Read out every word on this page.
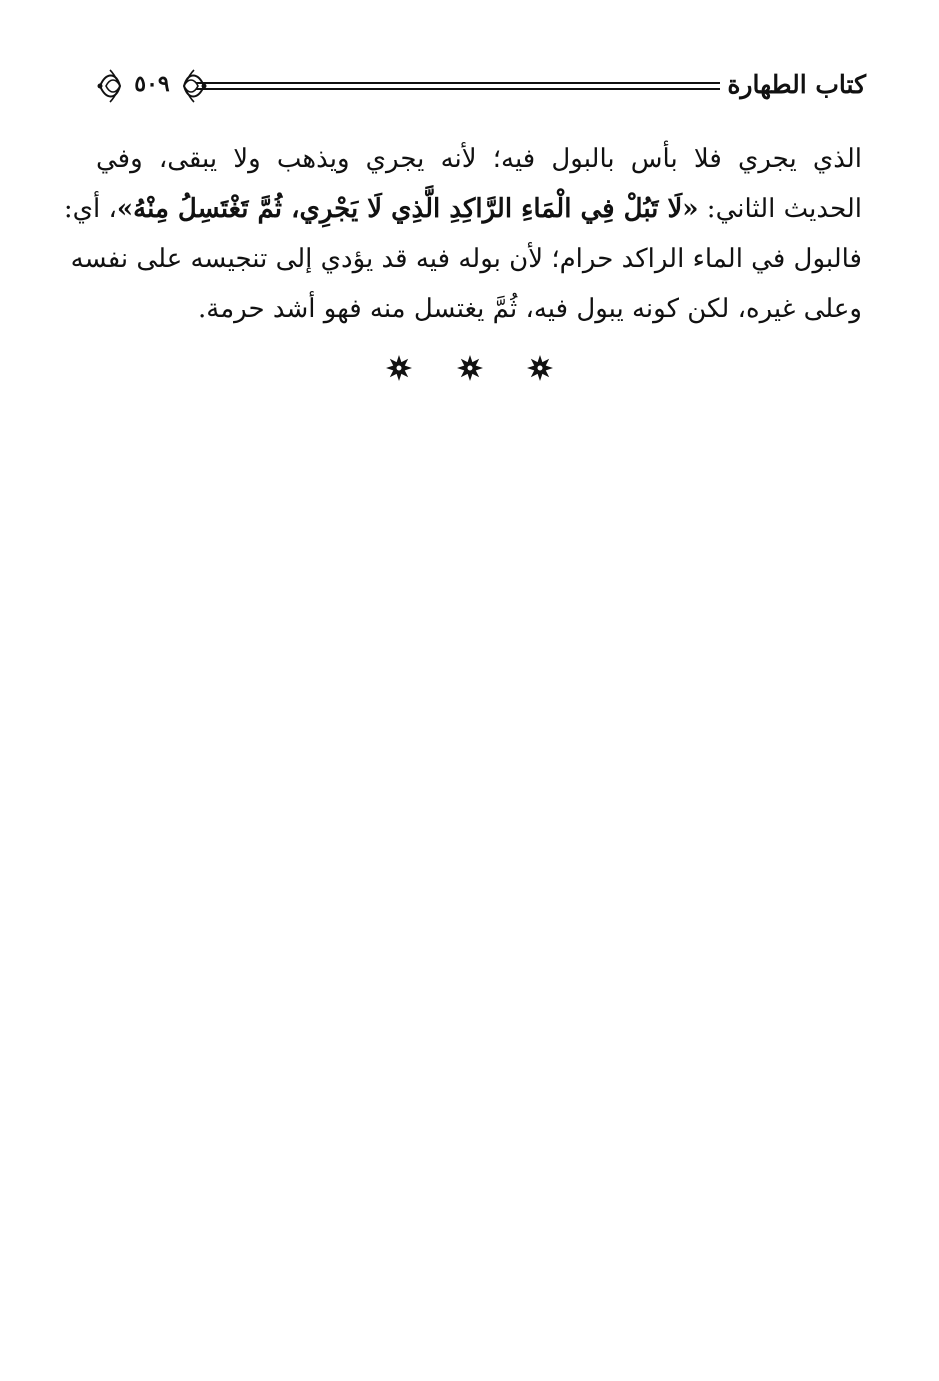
كتاب الطهارة
٥٠٩
الذي يجري فلا بأس بالبول فيه؛ لأنه يجري ويذهب ولا يبقى، وفي
الحديث الثاني: «لَا تَبُلْ فِي الْمَاءِ الرَّاكِدِ الَّذِي لَا يَجْرِي، ثُمَّ تَغْتَسِلُ مِنْهُ»، أي:
فالبول في الماء الراكد حرام؛ لأن بوله فيه قد يؤدي إلى تنجيسه على نفسه
وعلى غيره، لكن كونه يبول فيه، ثُمَّ يغتسل منه فهو أشد حرمة.
